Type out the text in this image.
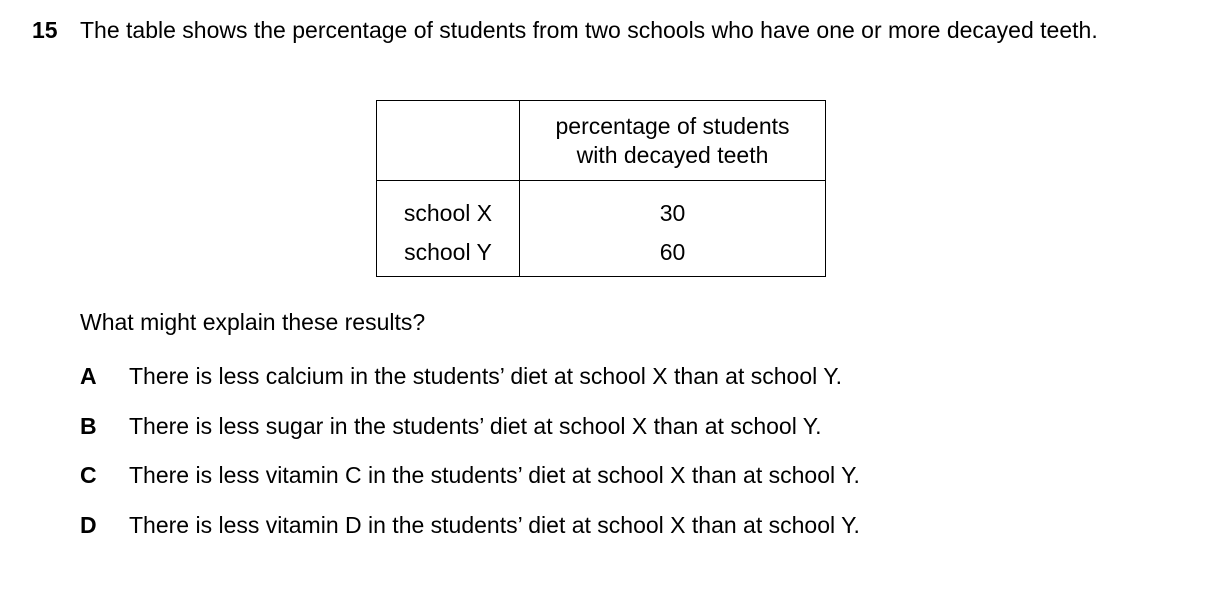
15 The table shows the percentage of students from two schools who have one or more decayed teeth.

	percentage of students
with decayed teeth

school X	30
school Y	60
What might explain these results?
A There is less calcium in the students’ diet at school X than at school Y.
B There is less sugar in the students’ diet at school X than at school Y.
C There is less vitamin C in the students’ diet at school X than at school Y.
D There is less vitamin D in the students’ diet at school X than at school Y.
